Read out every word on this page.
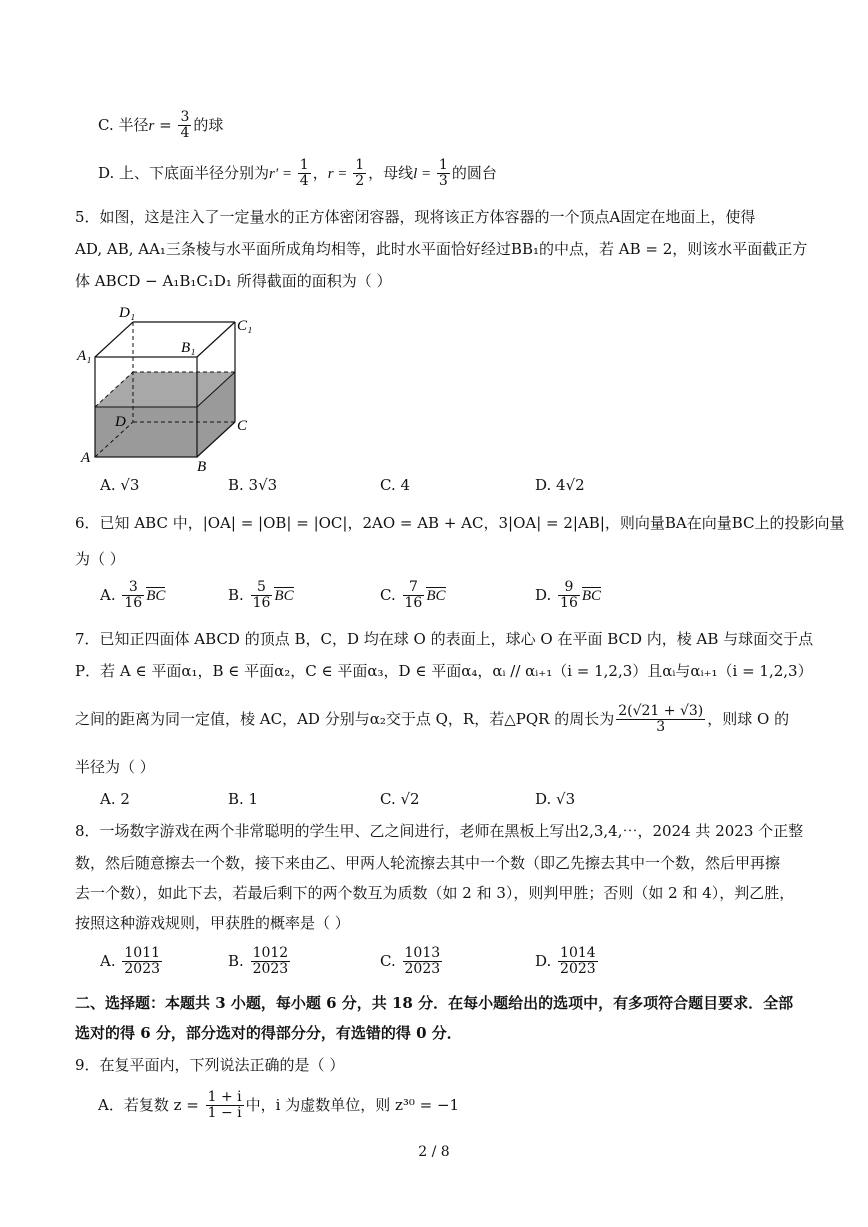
C. 半径$r = \frac{3}{4}$ 的球
D. 上、下底面半径分别为$r' = \frac{1}{4}$ ，$r = \frac{1}{2}$ ，母线$l = \frac{1}{3}$ 的圆台
5．如图，这是注入了一定量水的正方体密闭容器，现将该正方体容器的一个顶点A固定在地面上，使得
AD, AB, AA₁三条棱与水平面所成角均相等，此时水平面恰好经过BB₁的中点，若 AB = 2，则该水平面截正方
体 ABCD − A₁B₁C₁D₁ 所得截面的面积为（ ）
D₁
C₁
A₁	B₁
D	C
A
B
A. √3	B. 3√3	C. 4	D. 4√2
6．已知 ABC 中，|OA| = |OB| = |OC|，2AO = AB + AC，3|OA| = 2|AB|，则向量BA在向量BC上的投影向量
为（ ）
A. $\frac{3}{16}$ BC	B. $\frac{5}{16}$ BC	C. $\frac{7}{16}$ BC	D. $\frac{9}{16}$ BC
7．已知正四面体 ABCD 的顶点 B，C，D 均在球 O 的表面上，球心 O 在平面 BCD 内，棱 AB 与球面交于点
P．若 A ∈ 平面α₁，B ∈ 平面α₂，C ∈ 平面α₃，D ∈ 平面α₄，αᵢ // αᵢ₊₁（i = 1,2,3）且αᵢ与αᵢ₊₁（i = 1,2,3）
之间的距离为同一定值，棱 AC，AD 分别与α₂交于点 Q，R，若△PQR 的周长为 $\frac{2(√21 + √3)}{3}$ ，则球 O 的
半径为（ ）
A. 2	B. 1	C. √2	D. √3
8．一场数字游戏在两个非常聪明的学生甲、乙之间进行，老师在黑板上写出2,3,4,⋯，2024 共 2023 个正整
数，然后随意擦去一个数，接下来由乙、甲两人轮流擦去其中一个数（即乙先擦去其中一个数，然后甲再擦
去一个数），如此下去，若最后剩下的两个数互为质数（如 2 和 3），则判甲胜；否则（如 2 和 4），判乙胜，
按照这种游戏规则，甲获胜的概率是（ ）
A. $\frac{1011}{2023}$	B. $\frac{1012}{2023}$	C. $\frac{1013}{2023}$	D. $\frac{1014}{2023}$
二、选择题：本题共 3 小题，每小题 6 分，共 18 分．在每小题给出的选项中，有多项符合题目要求．全部
选对的得 6 分，部分选对的得部分分，有选错的得 0 分．
9．在复平面内，下列说法正确的是（ ）
A．若复数 $z = \frac{1 + i}{1 - i}$ 中，i 为虚数单位，则 z³⁰ = −1
2 / 8
